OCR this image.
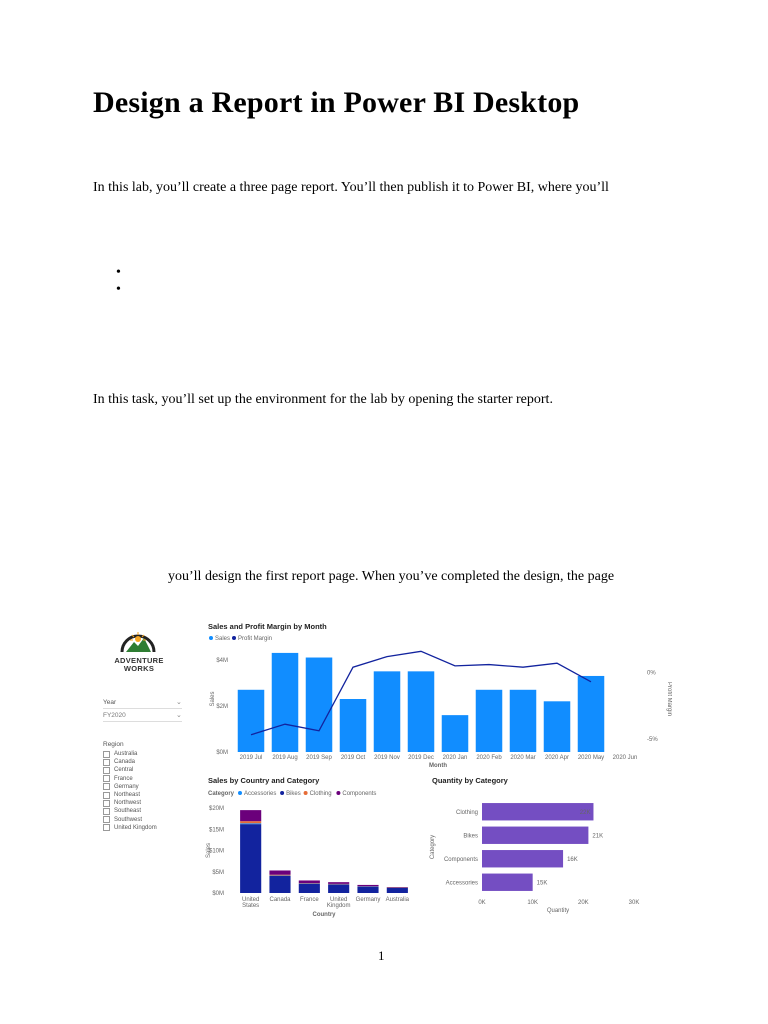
Design a Report in Power BI Desktop
In this lab, you’ll create a three page report. You’ll then publish it to Power BI, where you’ll
In this task, you’ll set up the environment for the lab by opening the starter report.
you’ll design the first report page. When you’ve completed the design, the page
ADVENTURE
WORKS
Year	⌄
FY2020	⌄
Region
Australia
Canada
Central
France
Germany
Northeast
Northwest
Southeast
Southwest
United Kingdom
Sales and Profit Margin by Month
Sales Profit Margin
$0M
$2M
$4M
0%
-5%
Sales	Profit Margin
2019 Jul 2019 Aug 2019 Sep 2019 Oct 2019 Nov 2019 Dec 2020 Jan 2020 Feb 2020 Mar 2020 Apr 2020 May 2020 Jun
Month
Sales by Country and Category
Category Accessories Bikes Clothing Components
$0M
$5M
$10M
$15M
$20M
Sales
United
States
Canada France United
Kingdom
Germany Australia
Country
Quantity by Category
0K	10K	20K	30K
Quantity
Category
Clothing	22K
Bikes	21K
Components	16K
Accessories	15K
1
